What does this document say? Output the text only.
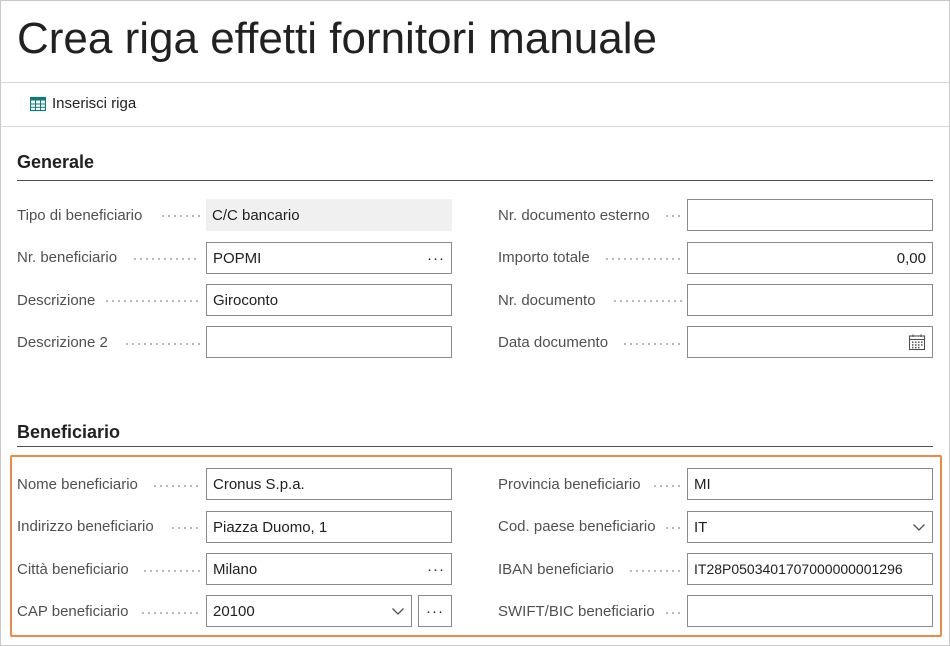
Crea riga effetti fornitori manuale
Inserisci riga
Generale
Tipo di beneficiario	C/C bancario
Nr. beneficiario	POPMI	···
Descrizione	Giroconto
Descrizione 2
Nr. documento esterno
Importo totale	0,00
Nr. documento
Data documento
Beneficiario
Nome beneficiario	Cronus S.p.a.
Indirizzo beneficiario	Piazza Duomo, 1
Città beneficiario	Milano	···
CAP beneficiario	20100	···
Provincia beneficiario	MI
Cod. paese beneficiario	IT
IBAN beneficiario	IT28P0503401707000000001296
SWIFT/BIC beneficiario
